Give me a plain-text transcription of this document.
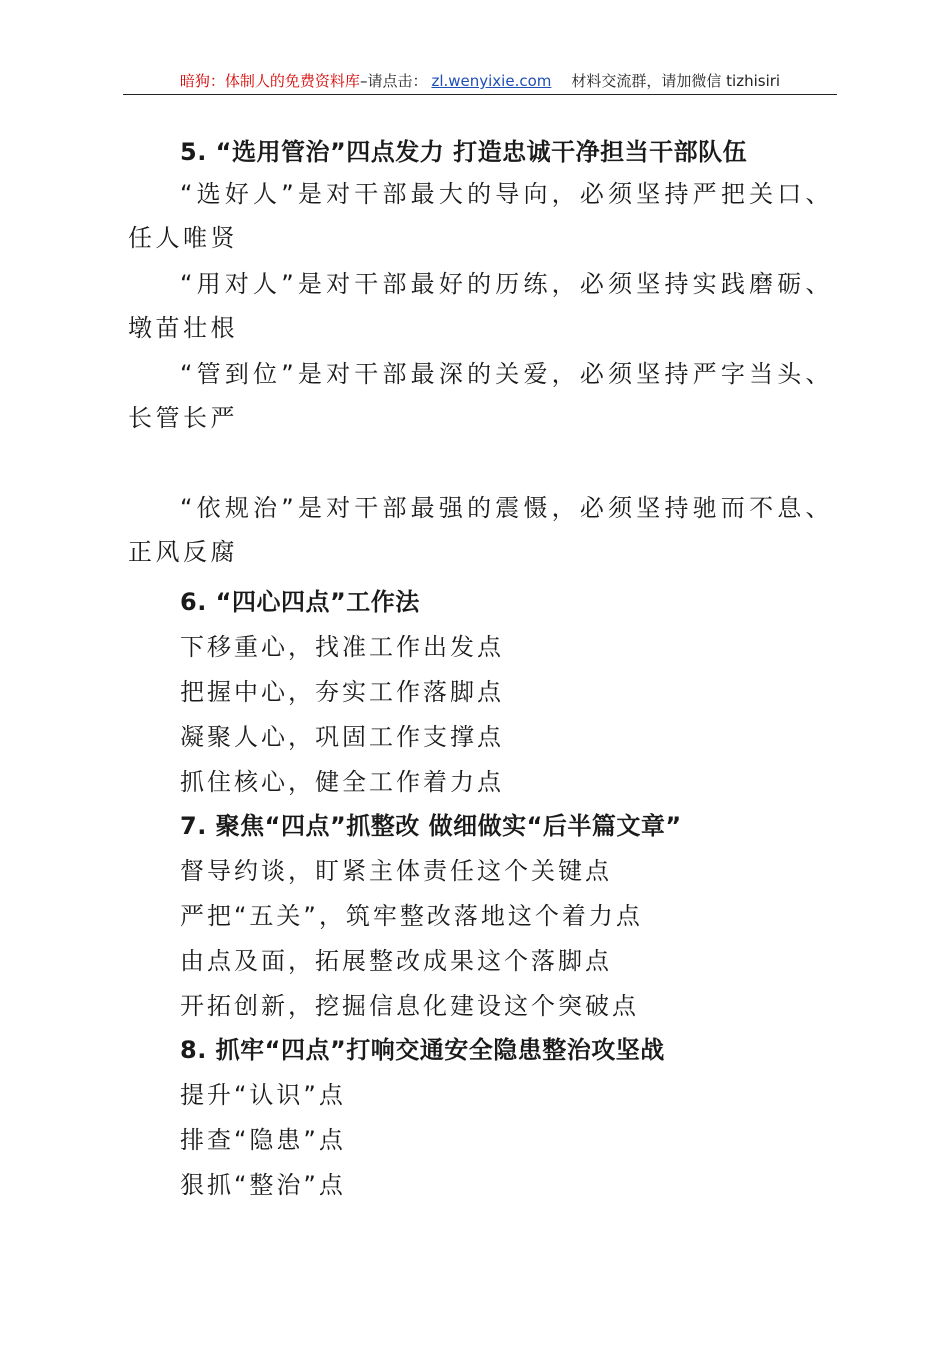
暗狗：体制人的免费资料库–请点击： zl.wenyixie.com 材料交流群，请加微信 tizhisiri
5. “选用管治”四点发力 打造忠诚干净担当干部队伍
“选好人”是对干部最大的导向，必须坚持严把关口、任人唯贤
“用对人”是对干部最好的历练，必须坚持实践磨砺、墩苗壮根
“管到位”是对干部最深的关爱，必须坚持严字当头、长管长严
“依规治”是对干部最强的震慑，必须坚持驰而不息、正风反腐
6. “四心四点”工作法
下移重心，找准工作出发点
把握中心，夯实工作落脚点
凝聚人心，巩固工作支撑点
抓住核心，健全工作着力点
7. 聚焦“四点”抓整改 做细做实“后半篇文章”
督导约谈，盯紧主体责任这个关键点
严把“五关”，筑牢整改落地这个着力点
由点及面，拓展整改成果这个落脚点
开拓创新，挖掘信息化建设这个突破点
8. 抓牢“四点”打响交通安全隐患整治攻坚战
提升“认识”点
排查“隐患”点
狠抓“整治”点
